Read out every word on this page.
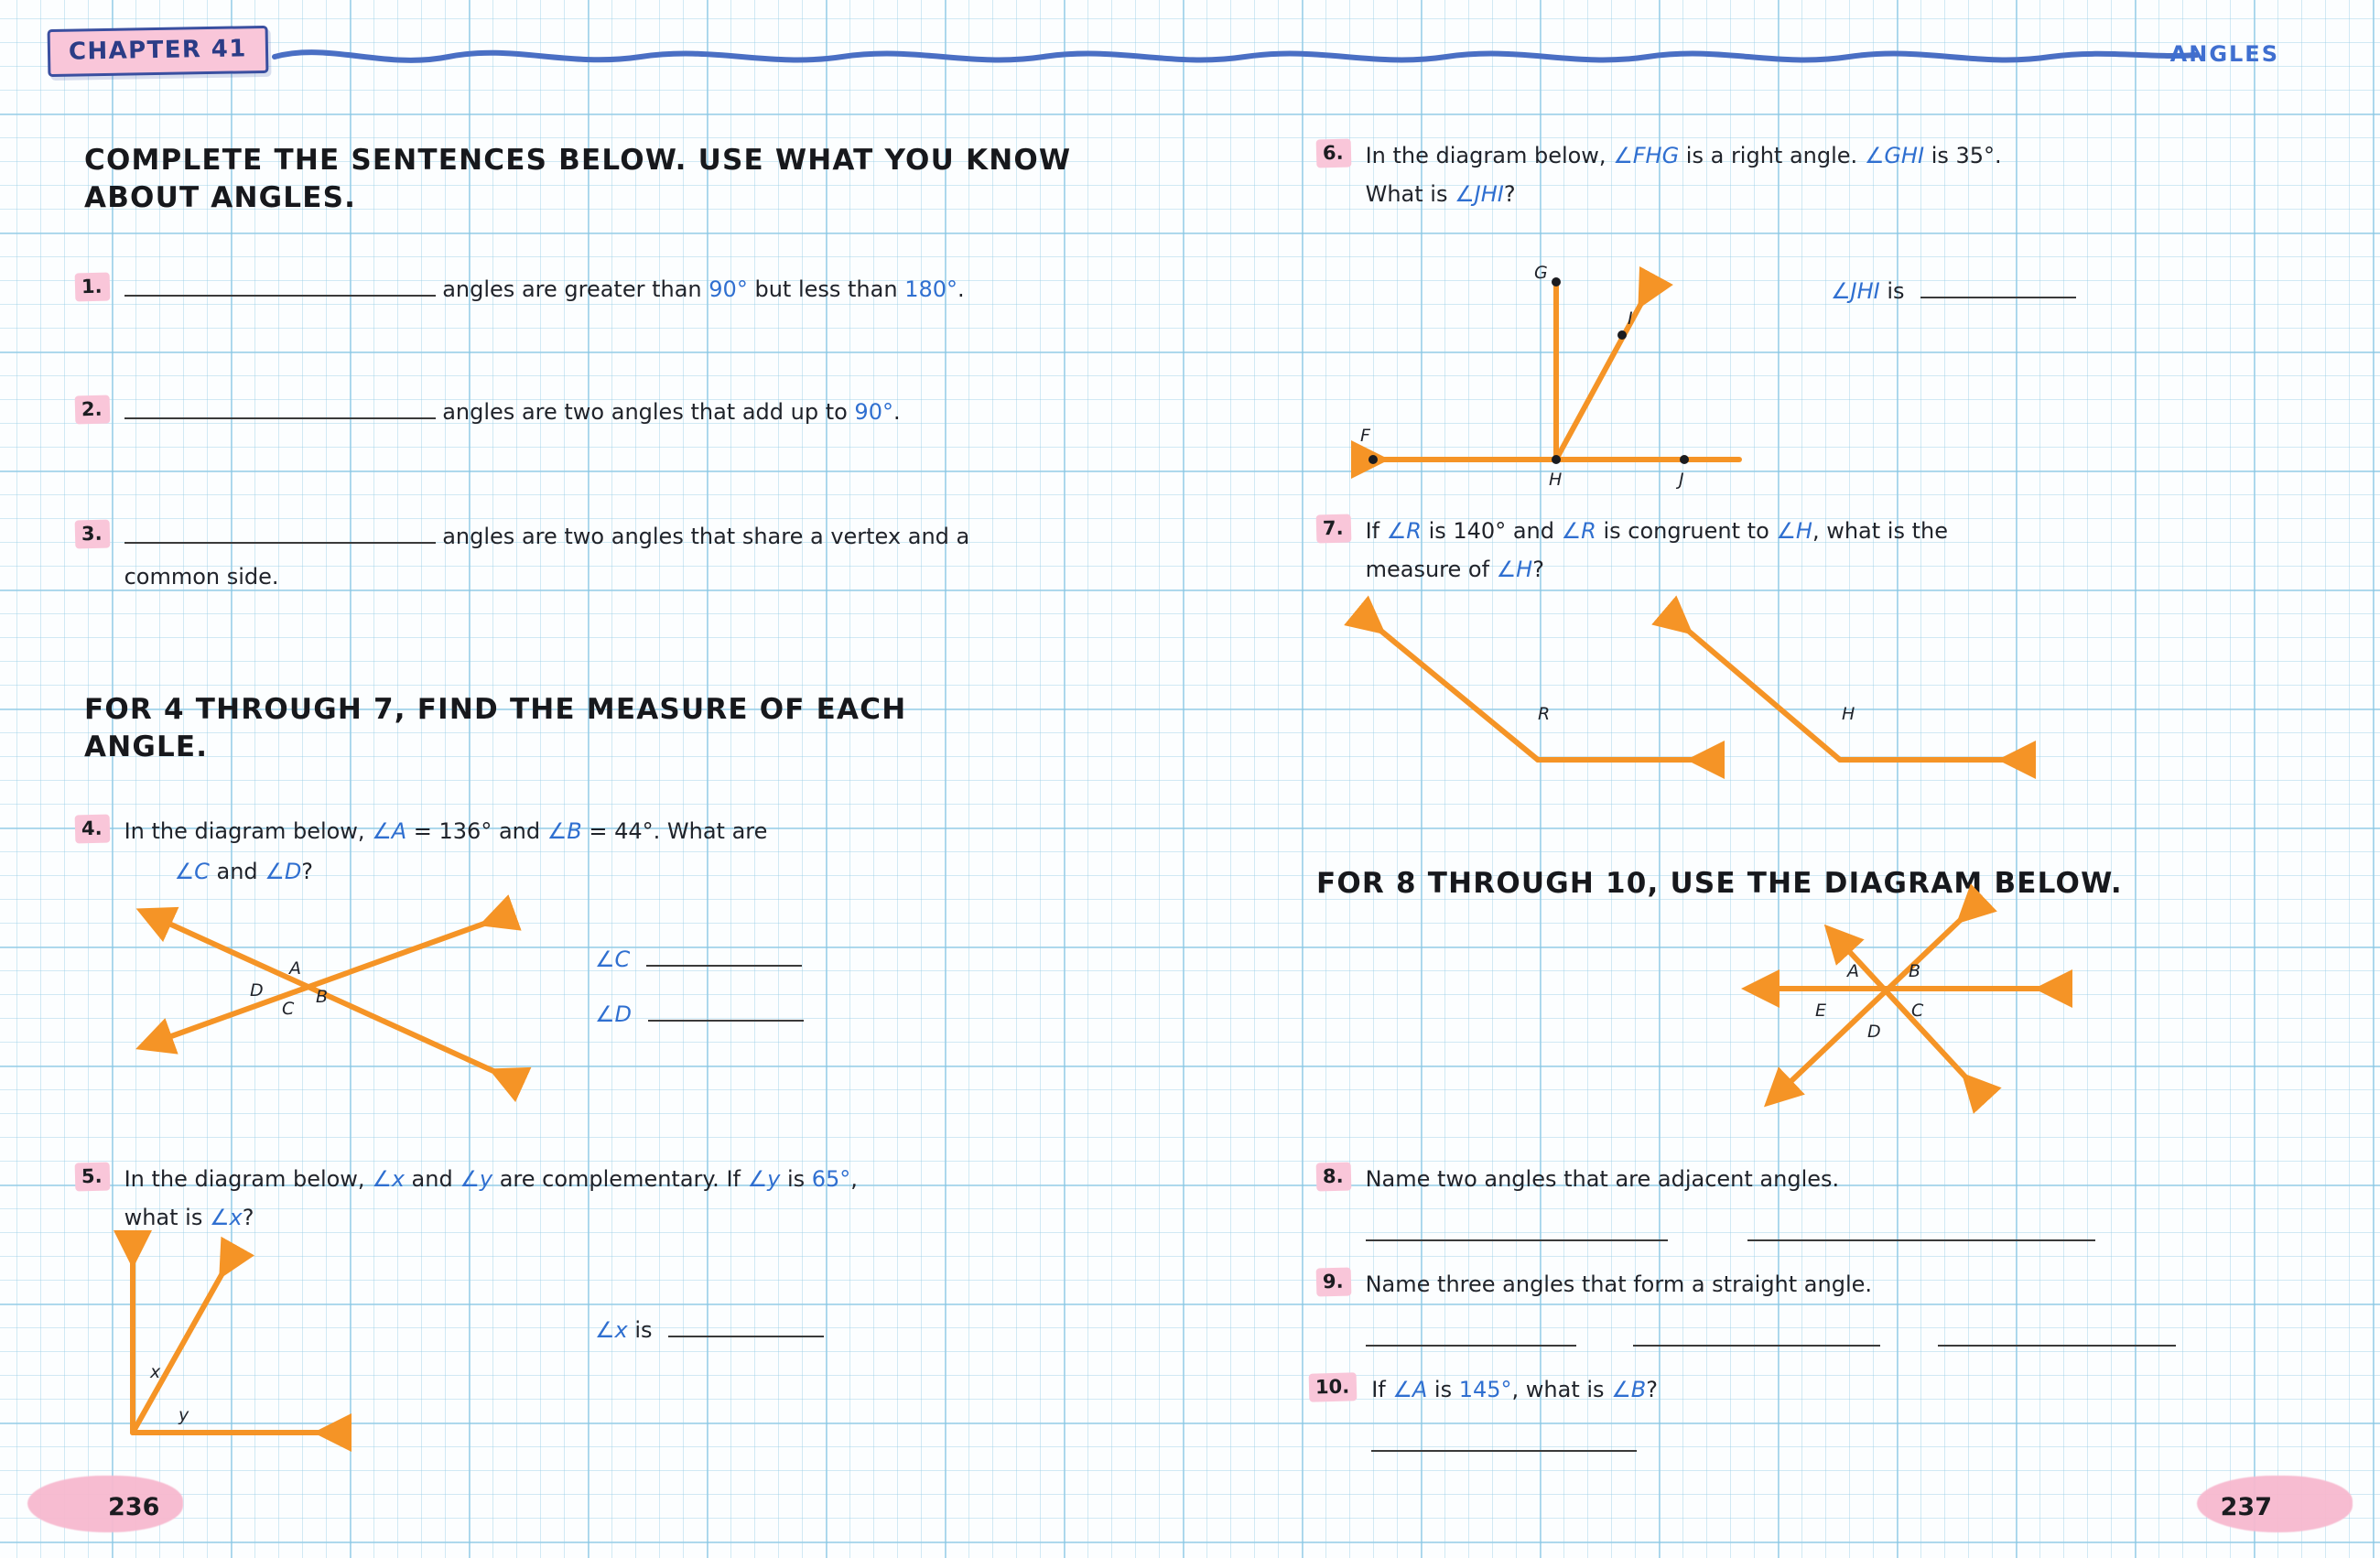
CHAPTER 41	ANGLES
COMPLETE THE SENTENCES BELOW. USE WHAT YOU KNOW ABOUT ANGLES.
1.	angles are greater than 90° but less than 180°.
2.	angles are two angles that add up to 90°.
3.	angles are two angles that share a vertex and a
common side.
FOR 4 THROUGH 7, FIND THE MEASURE OF EACH ANGLE.
4. In the diagram below, ∠A = 136° and ∠B = 44°. What are
∠C and ∠D?
A
B
C
D
∠C
∠D
5. In the diagram below, ∠x and ∠y are complementary. If ∠y is 65°,
what is ∠x?
x
y
∠x is
236
6. In the diagram below, ∠FHG is a right angle. ∠GHI is 35°.
What is ∠JHI?
G
I
F
H	J
∠JHI is
7. If ∠R is 140° and ∠R is congruent to ∠H, what is the
measure of ∠H?
R	H
FOR 8 THROUGH 10, USE THE DIAGRAM BELOW.
A	B
E	C
D
8. Name two angles that are adjacent angles.

9. Name three angles that form a straight angle.

10. If ∠A is 145°, what is ∠B?
237
